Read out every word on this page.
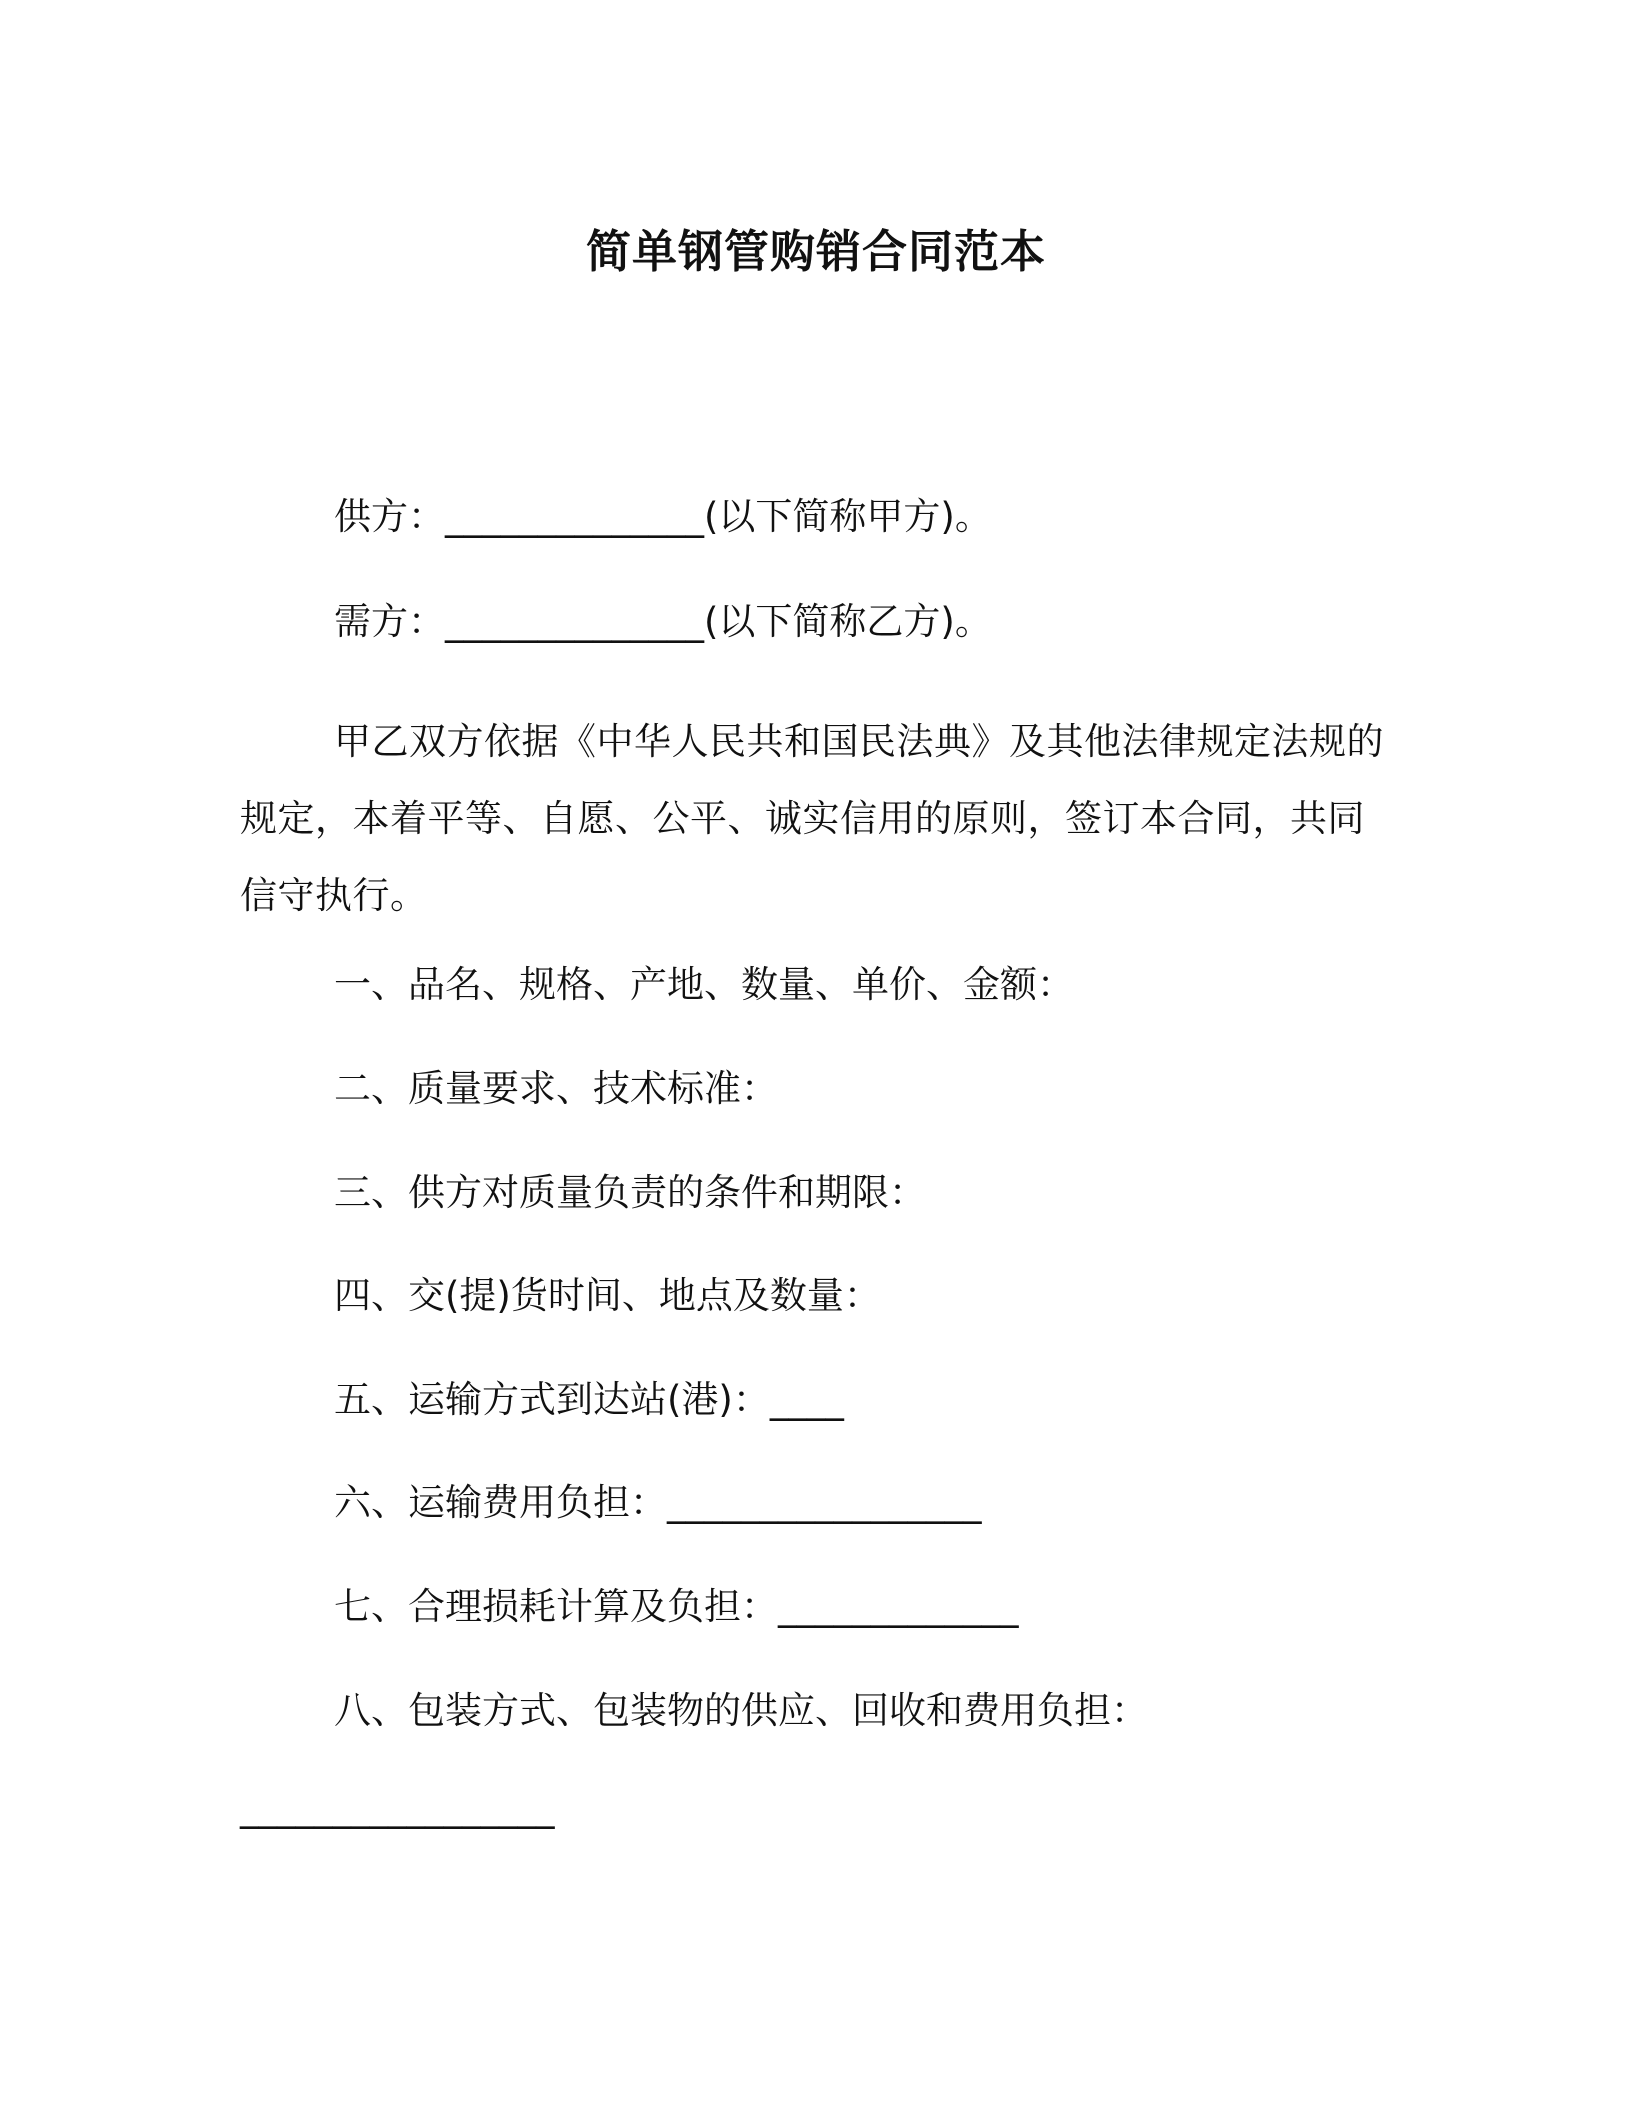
简单钢管购销合同范本
供方：______________(以下简称甲方)。
需方：______________(以下简称乙方)。
甲乙双方依据《中华人民共和国民法典》及其他法律规定法规的规定，本着平等、自愿、公平、诚实信用的原则，签订本合同，共同信守执行。
一、品名、规格、产地、数量、单价、金额：
二、质量要求、技术标准：
三、供方对质量负责的条件和期限：
四、交(提)货时间、地点及数量：
五、运输方式到达站(港)：____
六、运输费用负担：_________________
七、合理损耗计算及负担：_____________
八、包装方式、包装物的供应、回收和费用负担：
_________________
